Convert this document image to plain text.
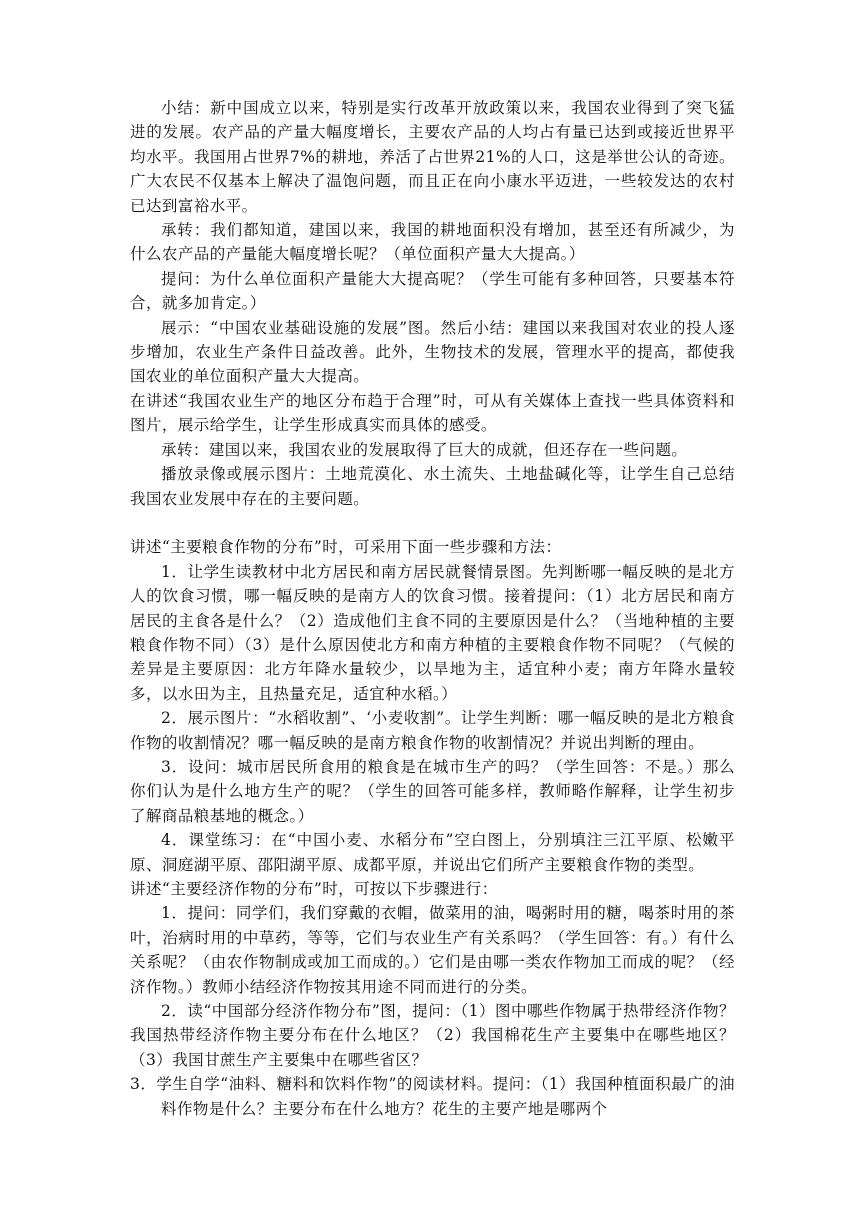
小结：新中国成立以来，特别是实行改革开放政策以来，我国农业得到了突飞猛进的发展。农产品的产量大幅度增长，主要农产品的人均占有量已达到或接近世界平均水平。我国用占世界7%的耕地，养活了占世界21%的人口，这是举世公认的奇迹。广大农民不仅基本上解决了温饱问题，而且正在向小康水平迈进，一些较发达的农村已达到富裕水平。

承转：我们都知道，建国以来，我国的耕地面积没有增加，甚至还有所减少，为什么农产品的产量能大幅度增长呢？（单位面积产量大大提高。）

提问：为什么单位面积产量能大大提高呢？（学生可能有多种回答，只要基本符合，就多加肯定。）

展示：“中国农业基础设施的发展”图。然后小结：建国以来我国对农业的投人逐步增加，农业生产条件日益改善。此外，生物技术的发展，管理水平的提高，都使我国农业的单位面积产量大大提高。

在讲述“我国农业生产的地区分布趋于合理”时，可从有关媒体上查找一些具体资料和图片，展示给学生，让学生形成真实而具体的感受。

承转：建国以来，我国农业的发展取得了巨大的成就，但还存在一些问题。

播放录像或展示图片：土地荒漠化、水土流失、土地盐碱化等，让学生自己总结我国农业发展中存在的主要问题。

讲述“主要粮食作物的分布”时，可采用下面一些步骤和方法：

1．让学生读教材中北方居民和南方居民就餐情景图。先判断哪一幅反映的是北方人的饮食习惯，哪一幅反映的是南方人的饮食习惯。接着提问：（1）北方居民和南方居民的主食各是什么？（2）造成他们主食不同的主要原因是什么？（当地种植的主要粮食作物不同）（3）是什么原因使北方和南方种植的主要粮食作物不同呢？（气候的差异是主要原因：北方年降水量较少，以旱地为主，适宜种小麦；南方年降水量较多，以水田为主，且热量充足，适宜种水稻。）

2．展示图片：“水稻收割”、‘小麦收割”。让学生判断：哪一幅反映的是北方粮食作物的收割情况？哪一幅反映的是南方粮食作物的收割情况？并说出判断的理由。

3．设问：城市居民所食用的粮食是在城市生产的吗？（学生回答：不是。）那么你们认为是什么地方生产的呢？（学生的回答可能多样，教师略作解释，让学生初步了解商品粮基地的概念。）

4．课堂练习：在“中国小麦、水稻分布”空白图上，分别填注三江平原、松嫩平原、洞庭湖平原、邵阳湖平原、成都平原，并说出它们所产主要粮食作物的类型。

讲述“主要经济作物的分布”时，可按以下步骤进行：

1．提问：同学们，我们穿戴的衣帽，做菜用的油，喝粥时用的糖，喝茶时用的茶叶，治病时用的中草药，等等，它们与农业生产有关系吗？（学生回答：有。）有什么关系呢？（由农作物制成或加工而成的。）它们是由哪一类农作物加工而成的呢？（经济作物。）教师小结经济作物按其用途不同而进行的分类。

2．读“中国部分经济作物分布”图，提问：（1）图中哪些作物属于热带经济作物？我国热带经济作物主要分布在什么地区？（2）我国棉花生产主要集中在哪些地区？（3）我国甘蔗生产主要集中在哪些省区？

3．学生自学“油料、糖料和饮料作物”的阅读材料。提问：（1）我国种植面积最广的油料作物是什么？主要分布在什么地方？花生的主要产地是哪两个
